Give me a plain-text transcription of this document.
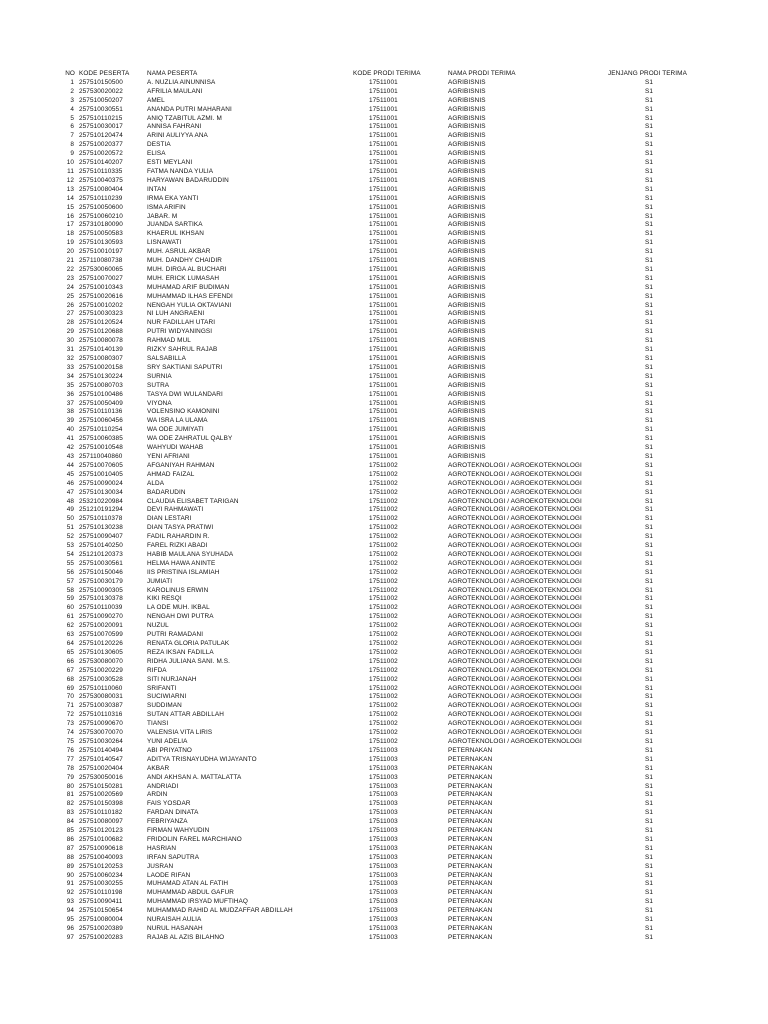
NO	KODE PESERTA	NAMA PESERTA	KODE PRODI TERIMA	NAMA PRODI TERIMA	JENJANG PRODI TERIMA
1	257510150500	A. NUZLIA AINUNNISA	17511001	AGRIBISNIS	S1
2	257530020022	AFRILIA MAULANI	17511001	AGRIBISNIS	S1
3	257510050207	AMEL	17511001	AGRIBISNIS	S1
4	257510030551	ANANDA PUTRI MAHARANI	17511001	AGRIBISNIS	S1
5	257510110215	ANIQ TZABITUL AZMI. M	17511001	AGRIBISNIS	S1
6	257510030017	ANNISA FAHRANI	17511001	AGRIBISNIS	S1
7	257510120474	ARINI AULIYYA ANA	17511001	AGRIBISNIS	S1
8	257510020377	DESTIA	17511001	AGRIBISNIS	S1
9	257510020572	ELISA	17511001	AGRIBISNIS	S1
10	257510140207	ESTI MEYLANI	17511001	AGRIBISNIS	S1
11	257510110335	FATMA NANDA YULIA	17511001	AGRIBISNIS	S1
12	257510040375	HARYAWAN BADARUDDIN	17511001	AGRIBISNIS	S1
13	257510080404	INTAN	17511001	AGRIBISNIS	S1
14	257510110239	IRMA EKA YANTI	17511001	AGRIBISNIS	S1
15	257510050600	ISMA ARIFIN	17511001	AGRIBISNIS	S1
16	257510060210	JABAR. M	17511001	AGRIBISNIS	S1
17	257310180090	JUANDA SARTIKA	17511001	AGRIBISNIS	S1
18	257510050583	KHAERUL IKHSAN	17511001	AGRIBISNIS	S1
19	257510130593	LISNAWATI	17511001	AGRIBISNIS	S1
20	257510010197	MUH. ASRUL AKBAR	17511001	AGRIBISNIS	S1
21	257110080738	MUH. DANDHY CHAIDIR	17511001	AGRIBISNIS	S1
22	257530060065	MUH. DIRGA AL BUCHARI	17511001	AGRIBISNIS	S1
23	257510070027	MUH. ERICK LUMASAH	17511001	AGRIBISNIS	S1
24	257510010343	MUHAMAD ARIF BUDIMAN	17511001	AGRIBISNIS	S1
25	257510020616	MUHAMMAD ILHAS EFENDI	17511001	AGRIBISNIS	S1
26	257510010202	NENGAH YULIA OKTAVIANI	17511001	AGRIBISNIS	S1
27	257510030323	NI LUH ANGRAENI	17511001	AGRIBISNIS	S1
28	257510120524	NUR FADILLAH UTARI	17511001	AGRIBISNIS	S1
29	257510120688	PUTRI WIDYANINGSI	17511001	AGRIBISNIS	S1
30	257510080078	RAHMAD MUL	17511001	AGRIBISNIS	S1
31	257510140139	RIZKY SAHRUL RAJAB	17511001	AGRIBISNIS	S1
32	257510080307	SALSABILLA	17511001	AGRIBISNIS	S1
33	257510020158	SRY SAKTIANI SAPUTRI	17511001	AGRIBISNIS	S1
34	257510130224	SURNIA	17511001	AGRIBISNIS	S1
35	257510080703	SUTRA	17511001	AGRIBISNIS	S1
36	257510100486	TASYA DWI WULANDARI	17511001	AGRIBISNIS	S1
37	257510050409	VIYONA	17511001	AGRIBISNIS	S1
38	257510110136	VOLENSINO KAMONINI	17511001	AGRIBISNIS	S1
39	257510060456	WA ISRA LA ULAMA	17511001	AGRIBISNIS	S1
40	257510110254	WA ODE JUMIYATI	17511001	AGRIBISNIS	S1
41	257510060385	WA ODE ZAHRATUL QALBY	17511001	AGRIBISNIS	S1
42	257510010548	WAHYUDI WAHAB	17511001	AGRIBISNIS	S1
43	257110040860	YENI AFRIANI	17511001	AGRIBISNIS	S1
44	257510070605	AFGANIYAH RAHMAN	17511002	AGROTEKNOLOGI / AGROEKOTEKNOLOGI	S1
45	257510010405	AHMAD FAIZAL	17511002	AGROTEKNOLOGI / AGROEKOTEKNOLOGI	S1
46	257510090024	ALDA	17511002	AGROTEKNOLOGI / AGROEKOTEKNOLOGI	S1
47	257510130034	BADARUDIN	17511002	AGROTEKNOLOGI / AGROEKOTEKNOLOGI	S1
48	253210220984	CLAUDIA ELISABET TARIGAN	17511002	AGROTEKNOLOGI / AGROEKOTEKNOLOGI	S1
49	251210191294	DEVI RAHMAWATI	17511002	AGROTEKNOLOGI / AGROEKOTEKNOLOGI	S1
50	257510110378	DIAN LESTARI	17511002	AGROTEKNOLOGI / AGROEKOTEKNOLOGI	S1
51	257510130238	DIAN TASYA PRATIWI	17511002	AGROTEKNOLOGI / AGROEKOTEKNOLOGI	S1
52	257510090407	FADIL RAHARDIN R.	17511002	AGROTEKNOLOGI / AGROEKOTEKNOLOGI	S1
53	257510140250	FAREL RIZKI ABADI	17511002	AGROTEKNOLOGI / AGROEKOTEKNOLOGI	S1
54	251210120373	HABIB MAULANA SYUHADA	17511002	AGROTEKNOLOGI / AGROEKOTEKNOLOGI	S1
55	257510030561	HELMA HAWA ANINTE	17511002	AGROTEKNOLOGI / AGROEKOTEKNOLOGI	S1
56	257510150046	IIS PRISTINA ISLAMIAH	17511002	AGROTEKNOLOGI / AGROEKOTEKNOLOGI	S1
57	257510030179	JUMIATI	17511002	AGROTEKNOLOGI / AGROEKOTEKNOLOGI	S1
58	257510090305	KAROLINUS ERWIN	17511002	AGROTEKNOLOGI / AGROEKOTEKNOLOGI	S1
59	257510130378	KIKI RESQI	17511002	AGROTEKNOLOGI / AGROEKOTEKNOLOGI	S1
60	257510110039	LA ODE MUH. IKBAL	17511002	AGROTEKNOLOGI / AGROEKOTEKNOLOGI	S1
61	257510090270	NENGAH DWI PUTRA	17511002	AGROTEKNOLOGI / AGROEKOTEKNOLOGI	S1
62	257510020091	NUZUL	17511002	AGROTEKNOLOGI / AGROEKOTEKNOLOGI	S1
63	257510070599	PUTRI RAMADANI	17511002	AGROTEKNOLOGI / AGROEKOTEKNOLOGI	S1
64	257510120226	RENATA GLORIA PATULAK	17511002	AGROTEKNOLOGI / AGROEKOTEKNOLOGI	S1
65	257510130605	REZA IKSAN FADILLA	17511002	AGROTEKNOLOGI / AGROEKOTEKNOLOGI	S1
66	257530080070	RIDHA JULIANA SANI. M.S.	17511002	AGROTEKNOLOGI / AGROEKOTEKNOLOGI	S1
67	257510020229	RIFDA	17511002	AGROTEKNOLOGI / AGROEKOTEKNOLOGI	S1
68	257510030528	SITI NURJANAH	17511002	AGROTEKNOLOGI / AGROEKOTEKNOLOGI	S1
69	257510110060	SRIFANTI	17511002	AGROTEKNOLOGI / AGROEKOTEKNOLOGI	S1
70	257530080031	SUCIWIARNI	17511002	AGROTEKNOLOGI / AGROEKOTEKNOLOGI	S1
71	257510030387	SUDDIMAN	17511002	AGROTEKNOLOGI / AGROEKOTEKNOLOGI	S1
72	257510110316	SUTAN ATTAR ABDILLAH	17511002	AGROTEKNOLOGI / AGROEKOTEKNOLOGI	S1
73	257510090670	TIANSI	17511002	AGROTEKNOLOGI / AGROEKOTEKNOLOGI	S1
74	257530070070	VALENSIA VITA LIRIS	17511002	AGROTEKNOLOGI / AGROEKOTEKNOLOGI	S1
75	257510030264	YUNI ADELIA	17511002	AGROTEKNOLOGI / AGROEKOTEKNOLOGI	S1
76	257510140494	ABI PRIYATNO	17511003	PETERNAKAN	S1
77	257510140547	ADITYA TRISNAYUDHA WIJAYANTO	17511003	PETERNAKAN	S1
78	257510020404	AKBAR	17511003	PETERNAKAN	S1
79	257530050016	ANDI AKHSAN A. MATTALATTA	17511003	PETERNAKAN	S1
80	257510150281	ANDRIADI	17511003	PETERNAKAN	S1
81	257510020569	ARDIN	17511003	PETERNAKAN	S1
82	257510150398	FAIS YOSDAR	17511003	PETERNAKAN	S1
83	257510110182	FARDAN DINATA	17511003	PETERNAKAN	S1
84	257510080097	FEBRIYANZA	17511003	PETERNAKAN	S1
85	257510120123	FIRMAN WAHYUDIN	17511003	PETERNAKAN	S1
86	257510100682	FRIDOLIN FAREL MARCHIANO	17511003	PETERNAKAN	S1
87	257510090618	HASRIAN	17511003	PETERNAKAN	S1
88	257510040093	IRFAN SAPUTRA	17511003	PETERNAKAN	S1
89	257510120253	JUSRAN	17511003	PETERNAKAN	S1
90	257510060234	LAODE RIFAN	17511003	PETERNAKAN	S1
91	257510030255	MUHAMAD ATAN AL FATIH	17511003	PETERNAKAN	S1
92	257510110198	MUHAMMAD ABDUL GAFUR	17511003	PETERNAKAN	S1
93	257510090411	MUHAMMAD IRSYAD MUFTIHAQ	17511003	PETERNAKAN	S1
94	257510150654	MUHAMMAD RAHID AL MUDZAFFAR ABDILLAH	17511003	PETERNAKAN	S1
95	257510080004	NURAISAH AULIA	17511003	PETERNAKAN	S1
96	257510020389	NURUL HASANAH	17511003	PETERNAKAN	S1
97	257510020283	RAJAB AL AZIS BILAHNO	17511003	PETERNAKAN	S1
